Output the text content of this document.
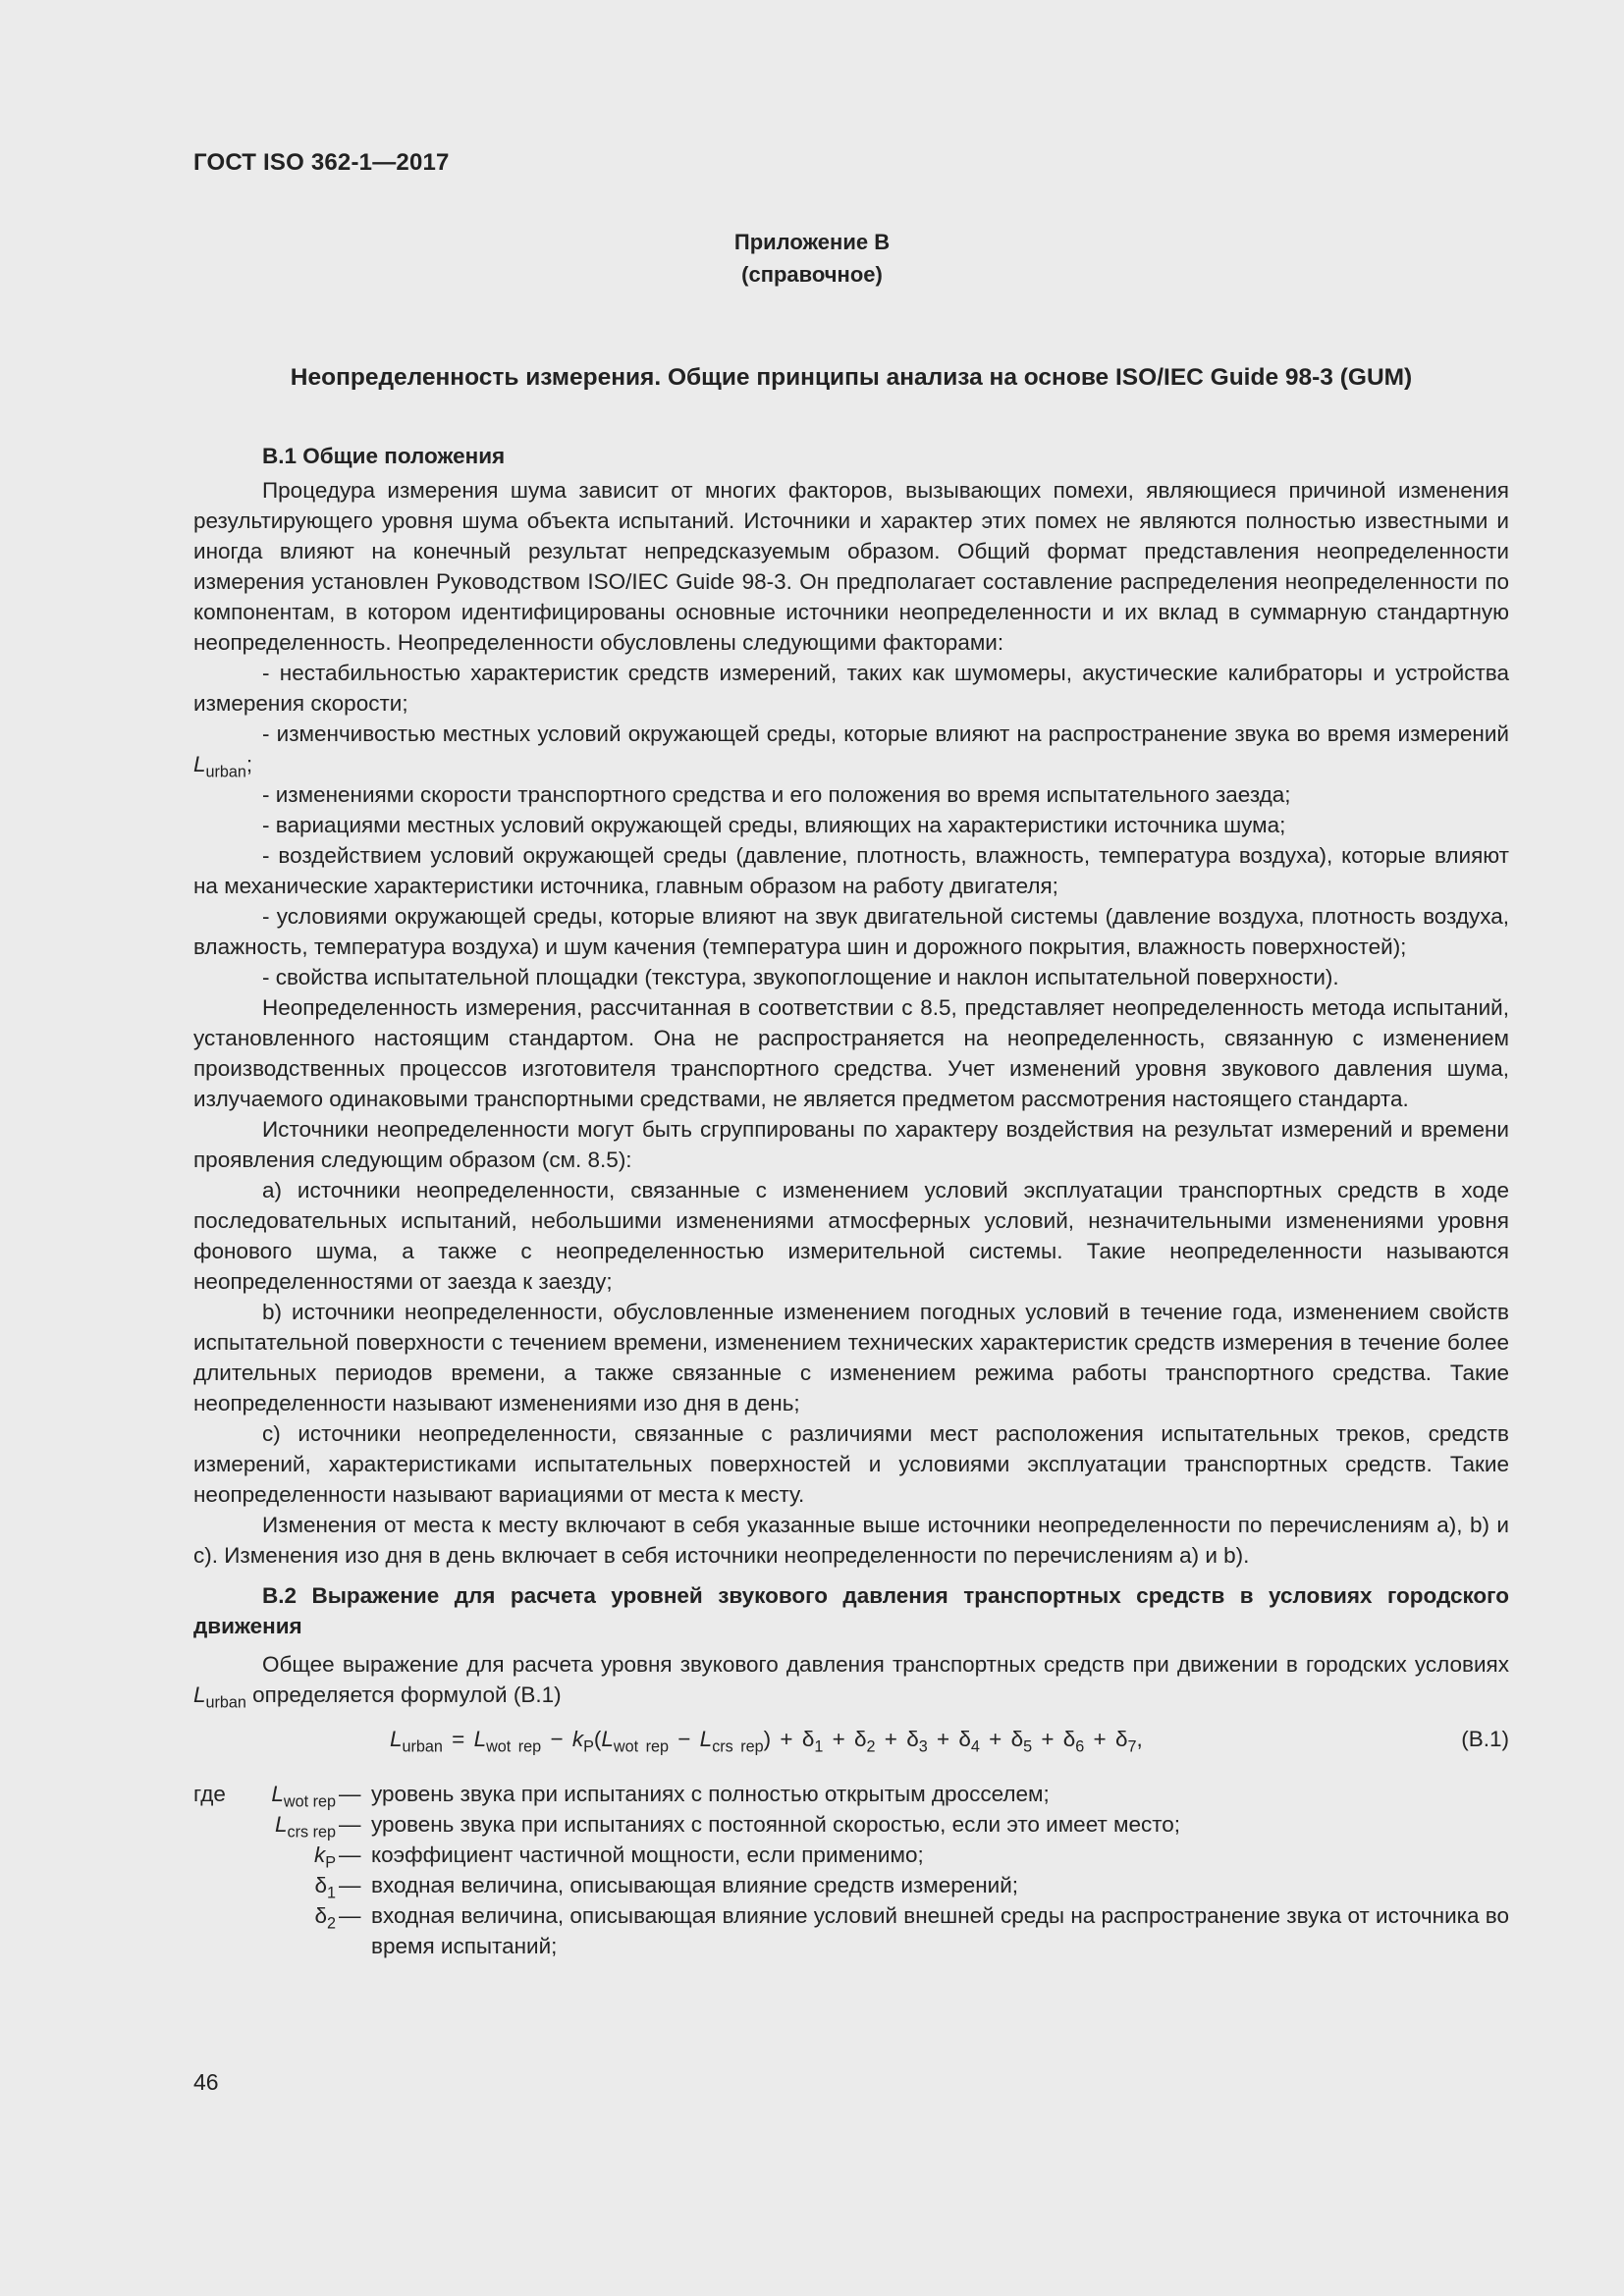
ГОСТ ISO 362-1—2017
Приложение В
(справочное)
Неопределенность измерения. Общие принципы анализа на основе ISO/IEC Guide 98-3 (GUM)
В.1 Общие положения

Процедура измерения шума зависит от многих факторов, вызывающих помехи, являющиеся причиной изменения результирующего уровня шума объекта испытаний. Источники и характер этих помех не являются полностью известными и иногда влияют на конечный результат непредсказуемым образом. Общий формат представления неопределенности измерения установлен Руководством ISO/IEC Guide 98-3. Он предполагает составление распределения неопределенности по компонентам, в котором идентифицированы основные источники неопределенности и их вклад в суммарную стандартную неопределенность. Неопределенности обусловлены следующими факторами:

- нестабильностью характеристик средств измерений, таких как шумомеры, акустические калибраторы и устройства измерения скорости;

- изменчивостью местных условий окружающей среды, которые влияют на распространение звука во время измерений $L_{urban}$;

- изменениями скорости транспортного средства и его положения во время испытательного заезда;

- вариациями местных условий окружающей среды, влияющих на характеристики источника шума;

- воздействием условий окружающей среды (давление, плотность, влажность, температура воздуха), которые влияют на механические характеристики источника, главным образом на работу двигателя;

- условиями окружающей среды, которые влияют на звук двигательной системы (давление воздуха, плотность воздуха, влажность, температура воздуха) и шум качения (температура шин и дорожного покрытия, влажность поверхностей);

- свойства испытательной площадки (текстура, звукопоглощение и наклон испытательной поверхности).

Неопределенность измерения, рассчитанная в соответствии с 8.5, представляет неопределенность метода испытаний, установленного настоящим стандартом. Она не распространяется на неопределенность, связанную с изменением производственных процессов изготовителя транспортного средства. Учет изменений уровня звукового давления шума, излучаемого одинаковыми транспортными средствами, не является предметом рассмотрения настоящего стандарта.

Источники неопределенности могут быть сгруппированы по характеру воздействия на результат измерений и времени проявления следующим образом (см. 8.5):

a) источники неопределенности, связанные с изменением условий эксплуатации транспортных средств в ходе последовательных испытаний, небольшими изменениями атмосферных условий, незначительными изменениями уровня фонового шума, а также с неопределенностью измерительной системы. Такие неопределенности называются неопределенностями от заезда к заезду;

b) источники неопределенности, обусловленные изменением погодных условий в течение года, изменением свойств испытательной поверхности с течением времени, изменением технических характеристик средств измерения в течение более длительных периодов времени, а также связанные с изменением режима работы транспортного средства. Такие неопределенности называют изменениями изо дня в день;

c) источники неопределенности, связанные с различиями мест расположения испытательных треков, средств измерений, характеристиками испытательных поверхностей и условиями эксплуатации транспортных средств. Такие неопределенности называют вариациями от места к месту.

Изменения от места к месту включают в себя указанные выше источники неопределенности по перечислениям a), b) и c). Изменения изо дня в день включает в себя источники неопределенности по перечислениям a) и b).

В.2 Выражение для расчета уровней звукового давления транспортных средств в условиях городского движения

Общее выражение для расчета уровня звукового давления транспортных средств при движении в городских условиях $L_{urban}$ определяется формулой (В.1)

$L_{urban} = L_{wot rep} - k_P(L_{wot rep} - L_{crs rep}) + \delta_1 + \delta_2 + \delta_3 + \delta_4 + \delta_5 + \delta_6 + \delta_7$,	(В.1)
где $L_{wot rep}$ — уровень звука при испытаниях с полностью открытым дросселем;
$L_{crs rep}$ — уровень звука при испытаниях с постоянной скоростью, если это имеет место;
$k_P$ — коэффициент частичной мощности, если применимо;
$\delta_1$ — входная величина, описывающая влияние средств измерений;
$\delta_2$ — входная величина, описывающая влияние условий внешней среды на распространение звука от источника во время испытаний;
46
